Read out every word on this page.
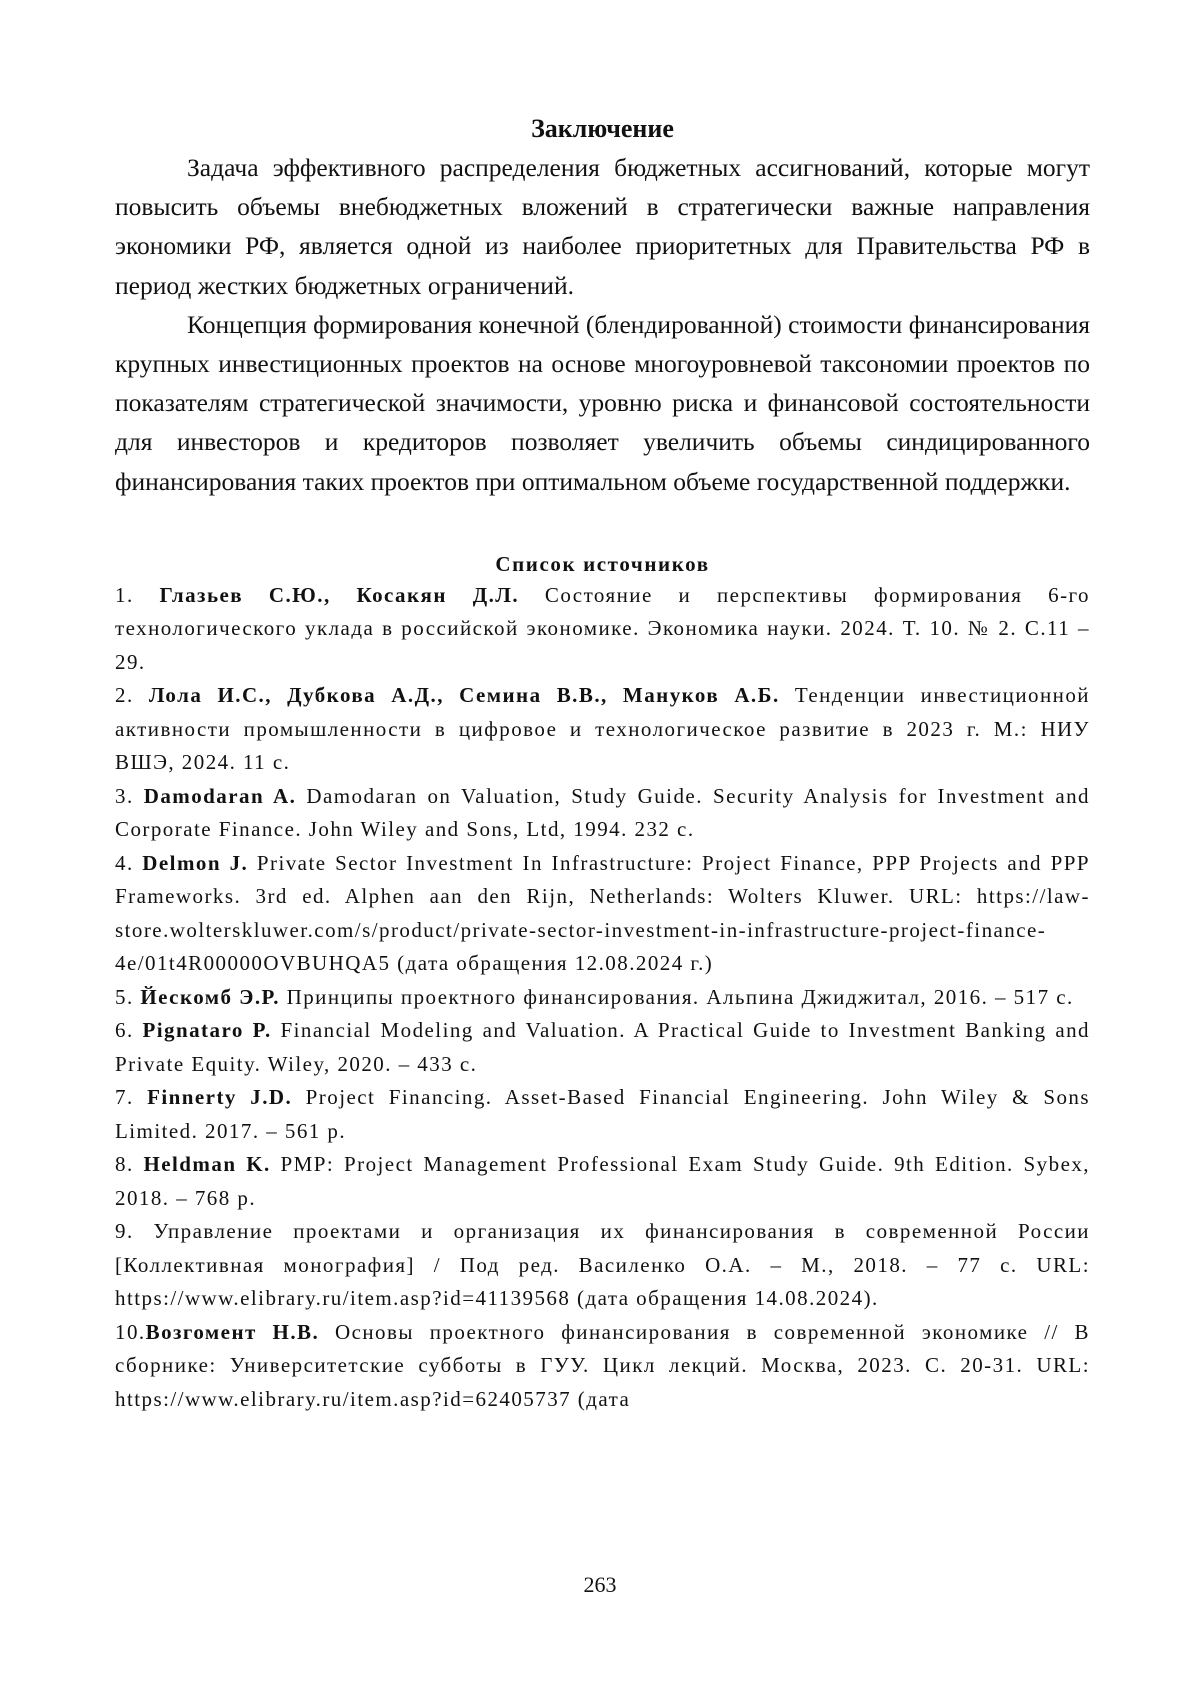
Заключение

Задача эффективного распределения бюджетных ассигнований, которые могут повысить объемы внебюджетных вложений в стратегически важные направления экономики РФ, является одной из наиболее приоритетных для Правительства РФ в период жестких бюджетных ограничений.

Концепция формирования конечной (блендированной) стоимости финансирования крупных инвестиционных проектов на основе многоуровневой таксономии проектов по показателям стратегической значимости, уровню риска и финансовой состоятельности для инвесторов и кредиторов позволяет увеличить объемы синдицированного финансирования таких проектов при оптимальном объеме государственной поддержки.

Список источников
1. Глазьев С.Ю., Косакян Д.Л. Состояние и перспективы формирования 6-го технологического уклада в российской экономике. Экономика науки. 2024. Т. 10. № 2. С.11 – 29.
2. Лола И.С., Дубкова А.Д., Семина В.В., Мануков А.Б. Тенденции инвестиционной активности промышленности в цифровое и технологическое развитие в 2023 г. М.: НИУ ВШЭ, 2024. 11 с.
3. Damodaran A. Damodaran on Valuation, Study Guide. Security Analysis for Investment and Corporate Finance. John Wiley and Sons, Ltd, 1994. 232 с.
4. Delmon J. Private Sector Investment In Infrastructure: Project Finance, PPP Projects and PPP Frameworks. 3rd ed. Alphen aan den Rijn, Netherlands: Wolters Kluwer. URL: https://law-store.wolterskluwer.com/s/product/private-sector-investment-in-infrastructure-project-finance-4e/01t4R00000OVBUHQA5 (дата обращения 12.08.2024 г.)
5. Йескомб Э.Р. Принципы проектного финансирования. Альпина Джиджитал, 2016. – 517 с.
6. Pignataro P. Financial Modeling and Valuation. A Practical Guide to Investment Banking and Private Equity. Wiley, 2020. – 433 с.
7. Finnerty J.D. Project Financing. Asset-Based Financial Engineering. John Wiley & Sons Limited. 2017. – 561 p.
8. Heldman K. PMP: Project Management Professional Exam Study Guide. 9th Edition. Sybex, 2018. – 768 p.
9. Управление проектами и организация их финансирования в современной России [Коллективная монография] / Под ред. Василенко О.А. – М., 2018. – 77 с. URL: https://www.elibrary.ru/item.asp?id=41139568 (дата обращения 14.08.2024).
10.Возгомент Н.В. Основы проектного финансирования в современной экономике // В сборнике: Университетские субботы в ГУУ. Цикл лекций. Москва, 2023. С. 20-31. URL: https://www.elibrary.ru/item.asp?id=62405737 (дата
263
